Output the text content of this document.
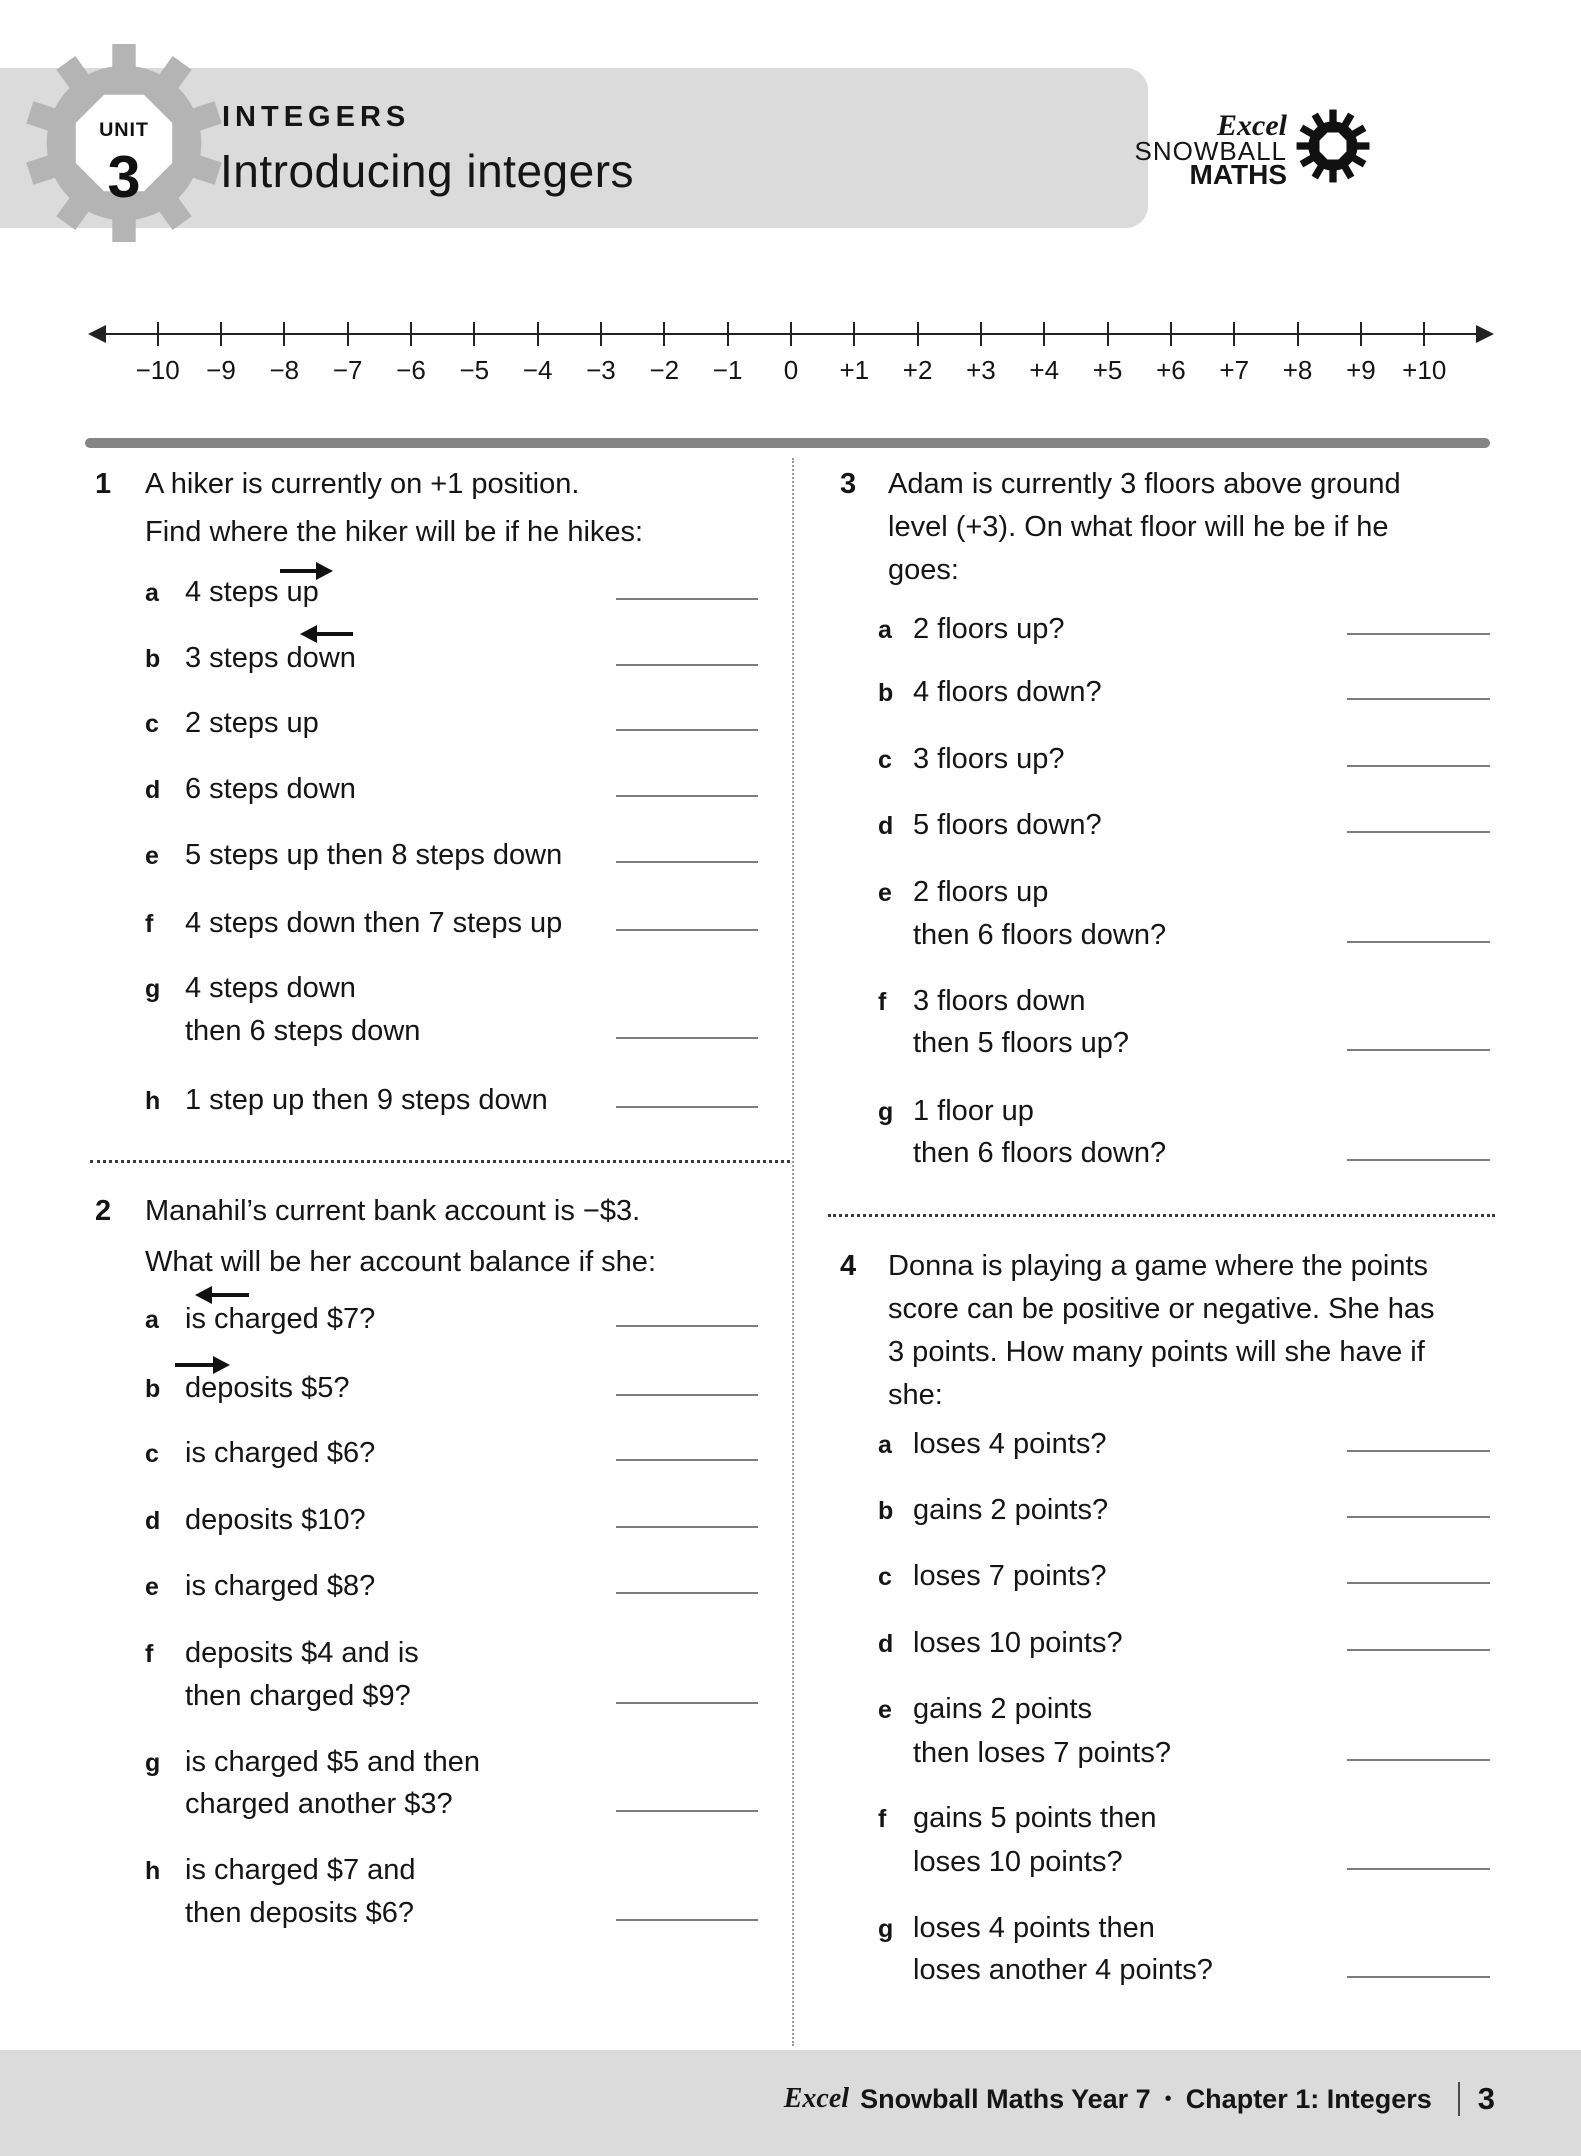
UNIT
3
INTEGERS
Introducing integers
Excel
SNOWBALL
MATHS
−10 −9 −8 −7 −6 −5 −4 −3 −2 −1 0 +1 +2 +3 +4 +5 +6 +7 +8 +9 +10
1 A hiker is currently on +1 position.
Find where the hiker will be if he hikes:
a 4 steps up
b 3 steps down
c 2 steps up
d 6 steps down
e 5 steps up then 8 steps down
f 4 steps down then 7 steps up
g 4 steps down
then 6 steps down
h 1 step up then 9 steps down
2 Manahil’s current bank account is −$3.
What will be her account balance if she:
a is charged $7?
b deposits $5?
c is charged $6?
d deposits $10?
e is charged $8?
f deposits $4 and is
then charged $9?
g is charged $5 and then
charged another $3?
h is charged $7 and
then deposits $6?
3 Adam is currently 3 floors above ground
level (+3). On what floor will he be if he
goes:
a 2 floors up?
b 4 floors down?
c 3 floors up?
d 5 floors down?
e 2 floors up
then 6 floors down?
f 3 floors down
then 5 floors up?
g 1 floor up
then 6 floors down?
4 Donna is playing a game where the points
score can be positive or negative. She has
3 points. How many points will she have if
she:
a loses 4 points?
b gains 2 points?
c loses 7 points?
d loses 10 points?
e gains 2 points
then loses 7 points?
f gains 5 points then
loses 10 points?
g loses 4 points then
loses another 4 points?
Excel Snowball Maths Year 7 • Chapter 1: Integers 3
